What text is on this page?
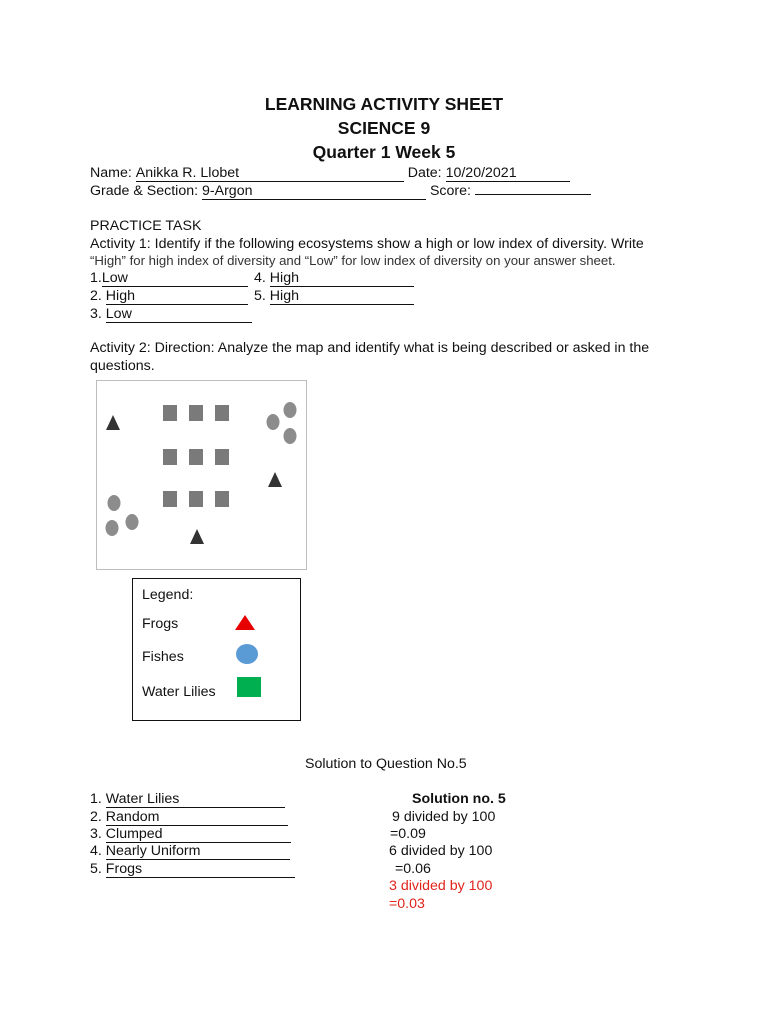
LEARNING ACTIVITY SHEET
SCIENCE 9
Quarter 1 Week 5
Name: Anikka R. Llobet	Date: 10/20/2021
Grade & Section: 9-Argon	Score:
PRACTICE TASK
Activity 1: Identify if the following ecosystems show a high or low index of diversity. Write
“High” for high index of diversity and “Low” for low index of diversity on your answer sheet.
1.Low	4. High
2. High	5. High
3. Low
Activity 2: Direction: Analyze the map and identify what is being described or asked in the
questions.
Legend:
Frogs
Fishes
Water Lilies
Solution to Question No.5
1. Water Lilies
2. Random
3. Clumped
4. Nearly Uniform
5. Frogs
Solution no. 5
9 divided by 100
=0.09
6 divided by 100
=0.06
3 divided by 100
=0.03
